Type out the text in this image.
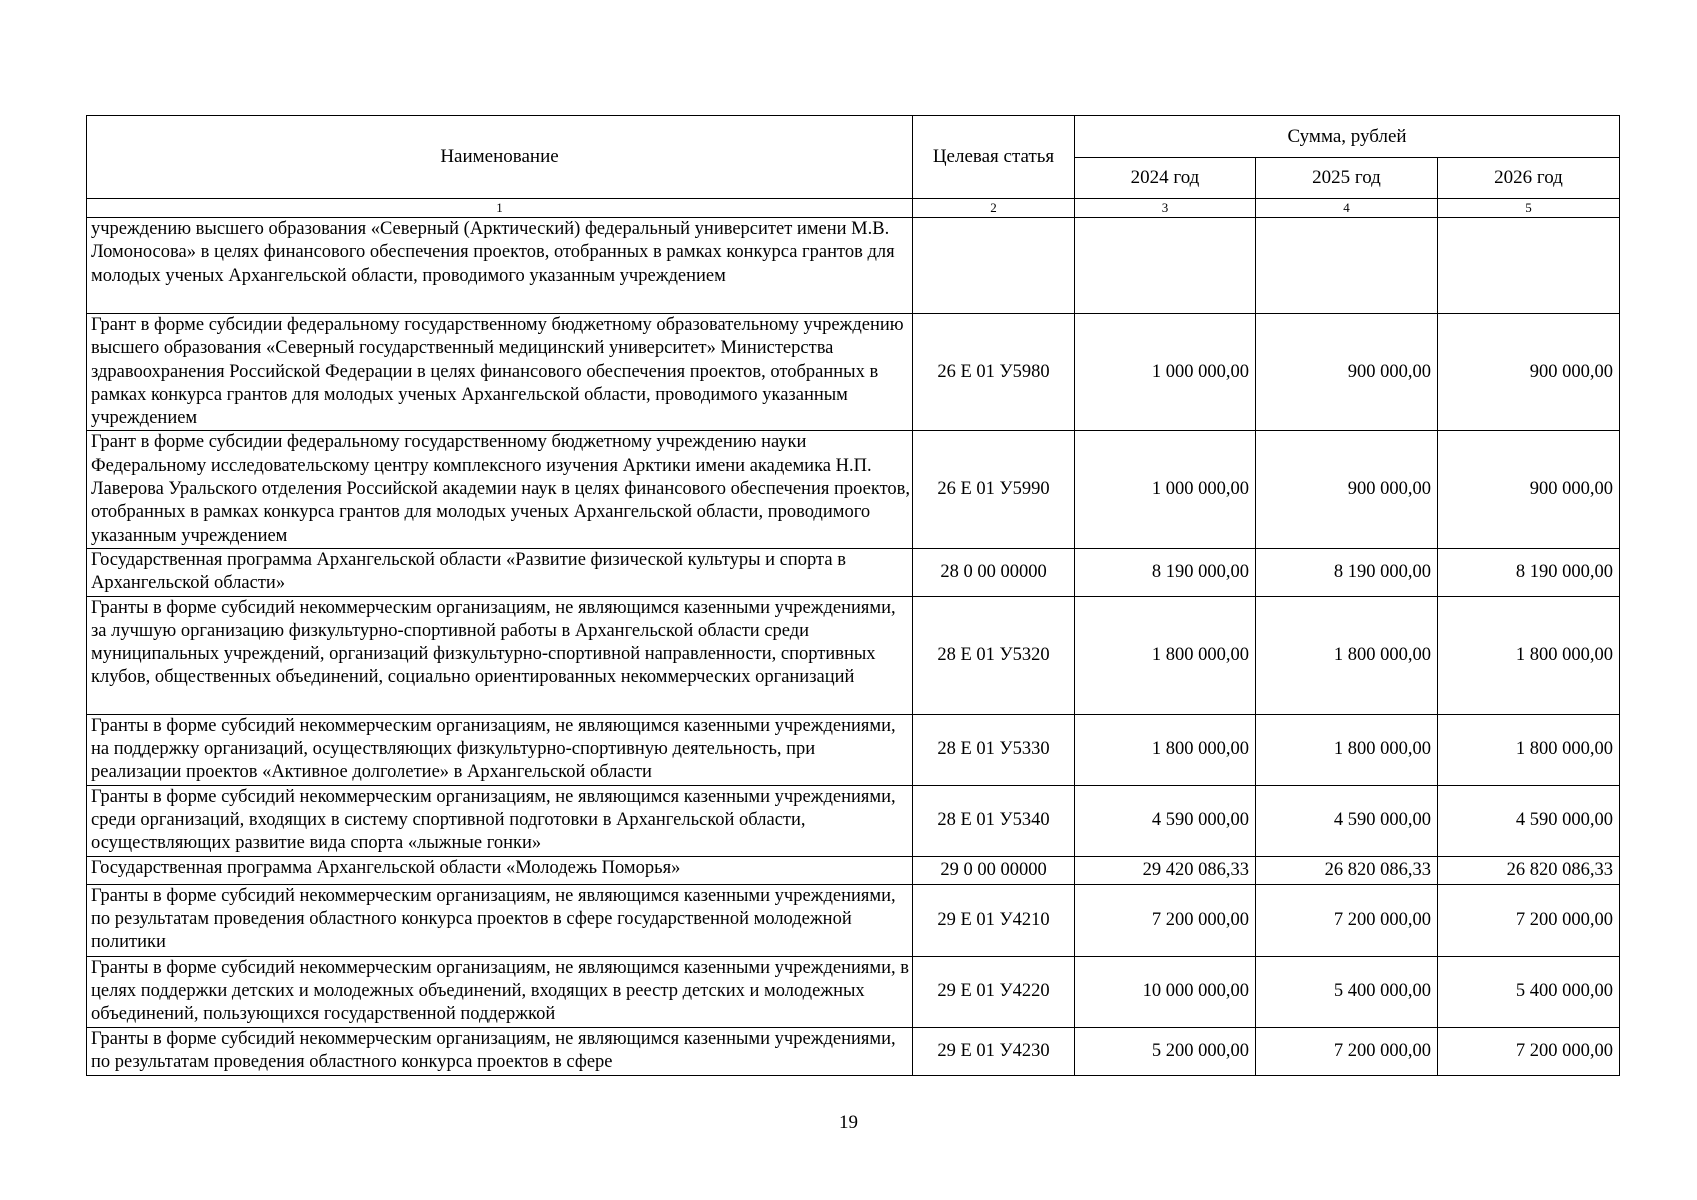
Наименование	Целевая статья	Сумма, рублей		
		2024 год	2025 год	2026 год
1	2	3	4	5
учреждению высшего образования «Северный (Арктический) федеральный университет имени М.В. Ломоносова» в целях финансового обеспечения проектов, отобранных в рамках конкурса грантов для молодых ученых Архангельской области, проводимого указанным учреждением				
Грант в форме субсидии федеральному государственному бюджетному образовательному учреждению высшего образования «Северный государственный медицинский университет» Министерства здравоохранения Российской Федерации в целях финансового обеспечения проектов, отобранных в рамках конкурса грантов для молодых ученых Архангельской области, проводимого указанным учреждением	26 Е 01 У5980	1 000 000,00	900 000,00	900 000,00
Грант в форме субсидии федеральному государственному бюджетному учреждению науки Федеральному исследовательскому центру комплексного изучения Арктики имени академика Н.П. Лаверова Уральского отделения Российской академии наук в целях финансового обеспечения проектов, отобранных в рамках конкурса грантов для молодых ученых Архангельской области, проводимого указанным учреждением	26 Е 01 У5990	1 000 000,00	900 000,00	900 000,00
Государственная программа Архангельской области «Развитие физической культуры и спорта в Архангельской области»	28 0 00 00000	8 190 000,00	8 190 000,00	8 190 000,00
Гранты в форме субсидий некоммерческим организациям, не являющимся казенными учреждениями, за лучшую организацию физкультурно-спортивной работы в Архангельской области среди муниципальных учреждений, организаций физкультурно-спортивной направленности, спортивных клубов, общественных объединений, социально ориентированных некоммерческих организаций	28 Е 01 У5320	1 800 000,00	1 800 000,00	1 800 000,00
Гранты в форме субсидий некоммерческим организациям, не являющимся казенными учреждениями, на поддержку организаций, осуществляющих физкультурно-спортивную деятельность, при реализации проектов «Активное долголетие» в Архангельской области	28 Е 01 У5330	1 800 000,00	1 800 000,00	1 800 000,00
Гранты в форме субсидий некоммерческим организациям, не являющимся казенными учреждениями, среди организаций, входящих в систему спортивной подготовки в Архангельской области, осуществляющих развитие вида спорта «лыжные гонки»	28 Е 01 У5340	4 590 000,00	4 590 000,00	4 590 000,00
Государственная программа Архангельской области «Молодежь Поморья»	29 0 00 00000	29 420 086,33	26 820 086,33	26 820 086,33
Гранты в форме субсидий некоммерческим организациям, не являющимся казенными учреждениями, по результатам проведения областного конкурса проектов в сфере государственной молодежной политики	29 Е 01 У4210	7 200 000,00	7 200 000,00	7 200 000,00
Гранты в форме субсидий некоммерческим организациям, не являющимся казенными учреждениями, в целях поддержки детских и молодежных объединений, входящих в реестр детских и молодежных объединений, пользующихся государственной поддержкой	29 Е 01 У4220	10 000 000,00	5 400 000,00	5 400 000,00
Гранты в форме субсидий некоммерческим организациям, не являющимся казенными учреждениями, по результатам проведения областного конкурса проектов в сфере	29 Е 01 У4230	5 200 000,00	7 200 000,00	7 200 000,00
19
